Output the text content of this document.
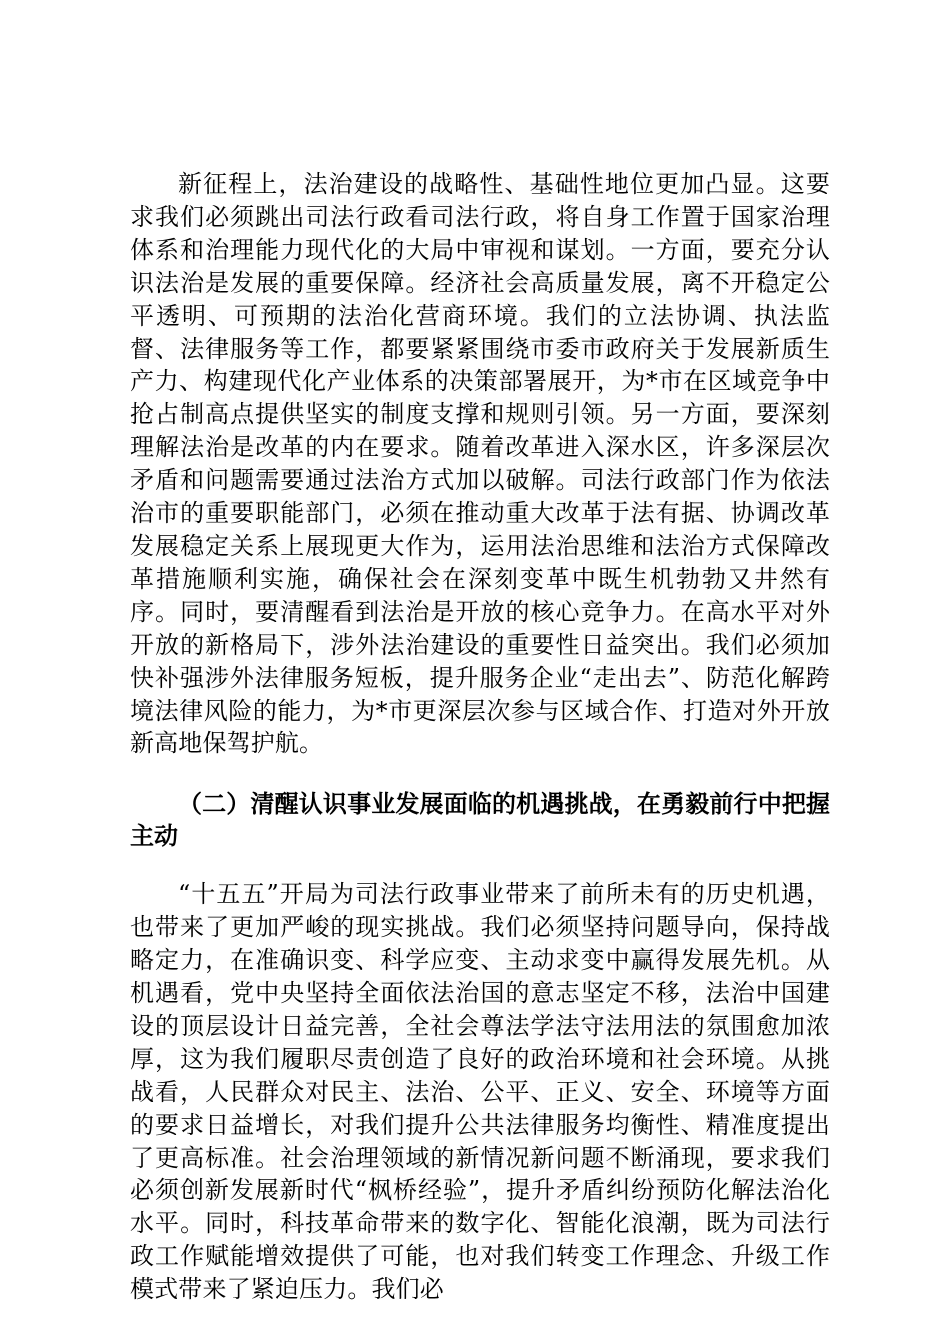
新征程上，法治建设的战略性、基础性地位更加凸显。这要求我们必须跳出司法行政看司法行政，将自身工作置于国家治理体系和治理能力现代化的大局中审视和谋划。一方面，要充分认识法治是发展的重要保障。经济社会高质量发展，离不开稳定公平透明、可预期的法治化营商环境。我们的立法协调、执法监督、法律服务等工作，都要紧紧围绕市委市政府关于发展新质生产力、构建现代化产业体系的决策部署展开，为*市在区域竞争中抢占制高点提供坚实的制度支撑和规则引领。另一方面，要深刻理解法治是改革的内在要求。随着改革进入深水区，许多深层次矛盾和问题需要通过法治方式加以破解。司法行政部门作为依法治市的重要职能部门，必须在推动重大改革于法有据、协调改革发展稳定关系上展现更大作为，运用法治思维和法治方式保障改革措施顺利实施，确保社会在深刻变革中既生机勃勃又井然有序。同时，要清醒看到法治是开放的核心竞争力。在高水平对外开放的新格局下，涉外法治建设的重要性日益突出。我们必须加快补强涉外法律服务短板，提升服务企业“走出去”、防范化解跨境法律风险的能力，为*市更深层次参与区域合作、打造对外开放新高地保驾护航。

（二）清醒认识事业发展面临的机遇挑战，在勇毅前行中把握主动

“十五五”开局为司法行政事业带来了前所未有的历史机遇，也带来了更加严峻的现实挑战。我们必须坚持问题导向，保持战略定力，在准确识变、科学应变、主动求变中赢得发展先机。从机遇看，党中央坚持全面依法治国的意志坚定不移，法治中国建设的顶层设计日益完善，全社会尊法学法守法用法的氛围愈加浓厚，这为我们履职尽责创造了良好的政治环境和社会环境。从挑战看，人民群众对民主、法治、公平、正义、安全、环境等方面的要求日益增长，对我们提升公共法律服务均衡性、精准度提出了更高标准。社会治理领域的新情况新问题不断涌现，要求我们必须创新发展新时代“枫桥经验”，提升矛盾纠纷预防化解法治化水平。同时，科技革命带来的数字化、智能化浪潮，既为司法行政工作赋能增效提供了可能，也对我们转变工作理念、升级工作模式带来了紧迫压力。我们必
